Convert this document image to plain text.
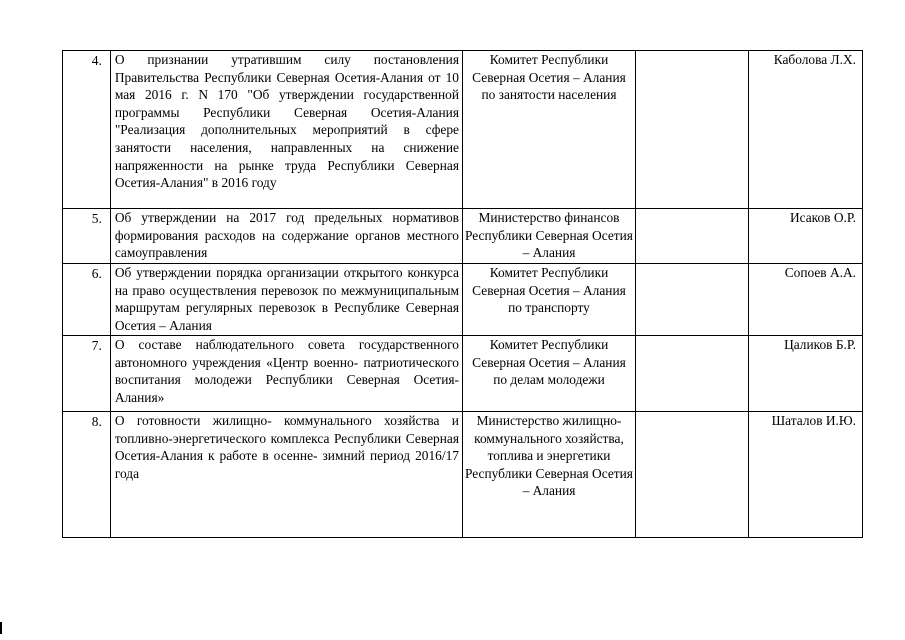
4.	О признании утратившим силу постановления Правительства Республики Северная Осетия-Алания от 10 мая 2016 г. N 170 "Об утверждении государственной программы Республики Северная Осетия-Алания "Реализация дополнительных мероприятий в сфере занятости населения, направленных на снижение напряженности на рынке труда Республики Северная Осетия-Алания" в 2016 году	Комитет Республики Северная Осетия – Алания по занятости населения		Каболова Л.Х.
5.	Об утверждении на 2017 год предельных нормативов формирования расходов на содержание органов местного самоуправления	Министерство финансов Республики Северная Осетия – Алания		Исаков О.Р.
6.	Об утверждении порядка организации открытого конкурса на право осуществления перевозок по межмуниципальным маршрутам регулярных перевозок в Республике Северная Осетия – Алания	Комитет Республики Северная Осетия – Алания по транспорту		Сопоев А.А.
7.	О составе наблюдательного совета государственного автономного учреждения «Центр военно- патриотического воспитания молодежи Республики Северная Осетия-Алания»	Комитет Республики Северная Осетия – Алания по делам молодежи		Цаликов Б.Р.
8.	О готовности жилищно- коммунального хозяйства и топливно-энергетического комплекса Республики Северная Осетия-Алания к работе в осенне- зимний период 2016/17 года	Министерство жилищно-коммунального хозяйства, топлива и энергетики Республики Северная Осетия – Алания		Шаталов И.Ю.
